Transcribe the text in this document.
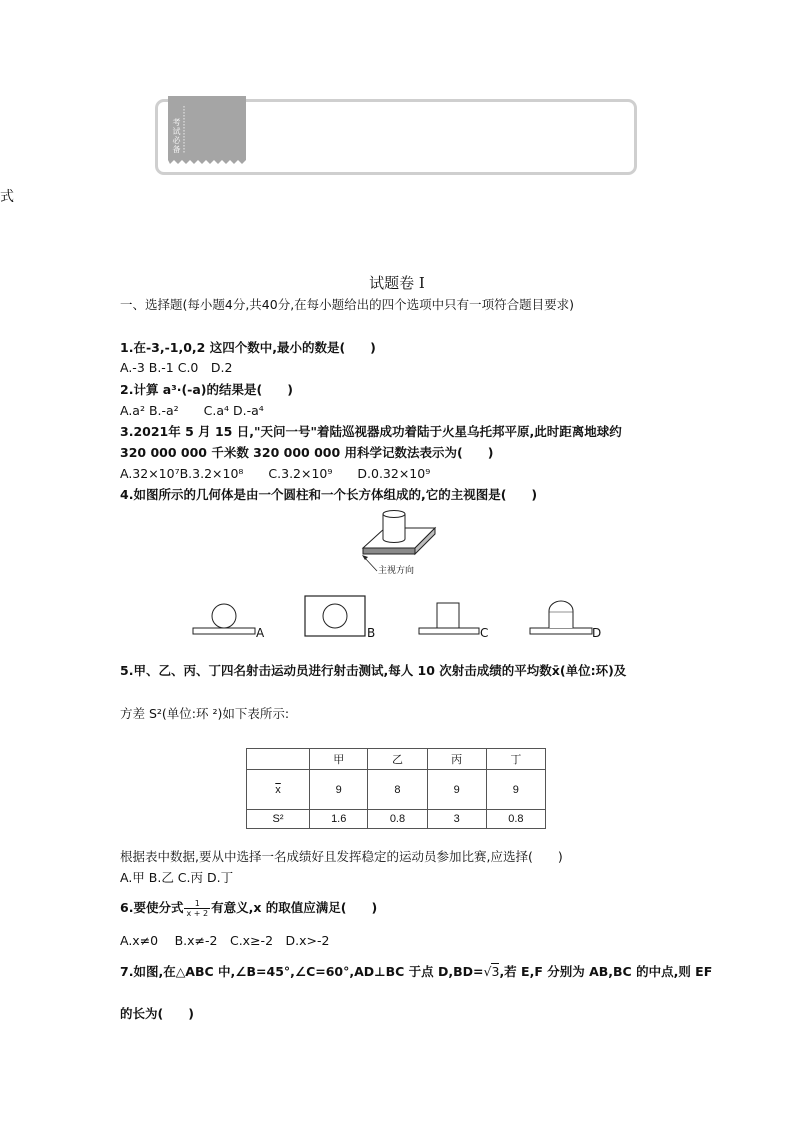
式
考试必备
试题卷 I
一、选择题(每小题4分,共40分,在每小题给出的四个选项中只有一项符合题目要求)
1.在-3,-1,0,2 这四个数中,最小的数是(　　)
A.-3 B.-1 C.0　D.2
2.计算 a³·(-a)的结果是(　　)
A.a² B.-a²　　C.a⁴ D.-a⁴
3.2021年 5 月 15 日,"天问一号"着陆巡视器成功着陆于火星乌托邦平原,此时距离地球约
320 000 000 千米数 320 000 000 用科学记数法表示为(　　)
A.32×10⁷B.3.2×10⁸　　C.3.2×10⁹　　D.0.32×10⁹
4.如图所示的几何体是由一个圆柱和一个长方体组成的,它的主视图是(　　)
主视方向
A	B	C	D
5.甲、乙、丙、丁四名射击运动员进行射击测试,每人 10 次射击成绩的平均数x̄(单位:环)及
方差 S²(单位:环 ²)如下表所示:
	甲	乙	丙	丁
$\overline{x}$	9	8	9	9
S²	1.6	0.8	3	0.8
根据表中数据,要从中选择一名成绩好且发挥稳定的运动员参加比赛,应选择(　　)
A.甲 B.乙 C.丙 D.丁
6.要使分式 $\frac{1}{x + 2}$ 有意义,x 的取值应满足(　　)
A.x≠0　 B.x≠-2　C.x≥-2　D.x>-2
7.如图,在△ABC 中,∠B=45°,∠C=60°,AD⊥BC 于点 D,BD= √ 3 ,若 E,F 分别为 AB,BC 的中点,则 EF
的长为(　　)
